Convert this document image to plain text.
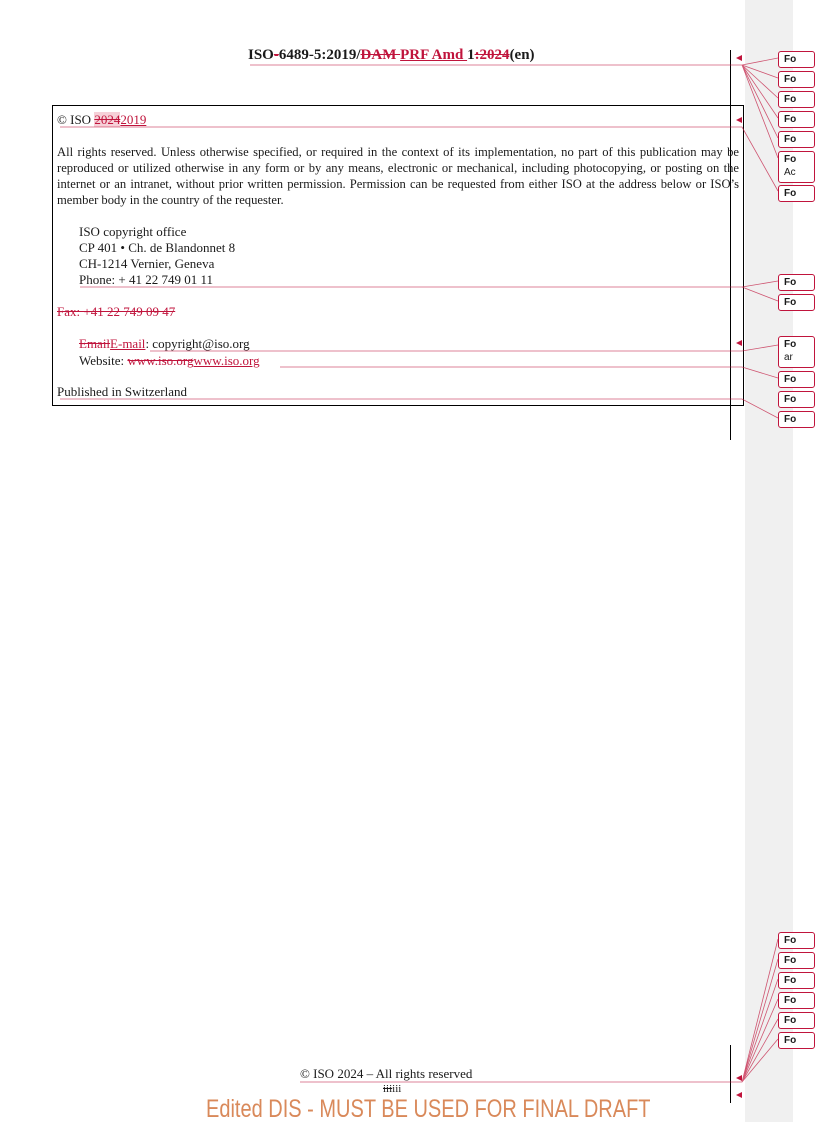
ISO-6489-5:2019/DAM PRF Amd 1:2024(en)
© ISO 20242019
All rights reserved. Unless otherwise specified, or required in the context of its implementation, no part of this publication may be reproduced or utilized otherwise in any form or by any means, electronic or mechanical, including photocopying, or posting on the internet or an intranet, without prior written permission. Permission can be requested from either ISO at the address below or ISO’s member body in the country of the requester.
ISO copyright office
CP 401 • Ch. de Blandonnet 8
CH-1214 Vernier, Geneva
Phone: + 41 22 749 01 11
Fax: +41 22 749 09 47
EmailE-mail: copyright@iso.org
Website: www.iso.orgwww.iso.org
Published in Switzerland
© ISO 2024 – All rights reserved
iiiiii
Edited DIS - MUST BE USED FOR FINAL DRAFT
Fo
Fo
Fo
Fo
Fo
Fo
Ac
Fo
Fo
Fo
Fo
ar
Fo
Fo
Fo
Fo
Fo
Fo
Fo
Fo
Fo
